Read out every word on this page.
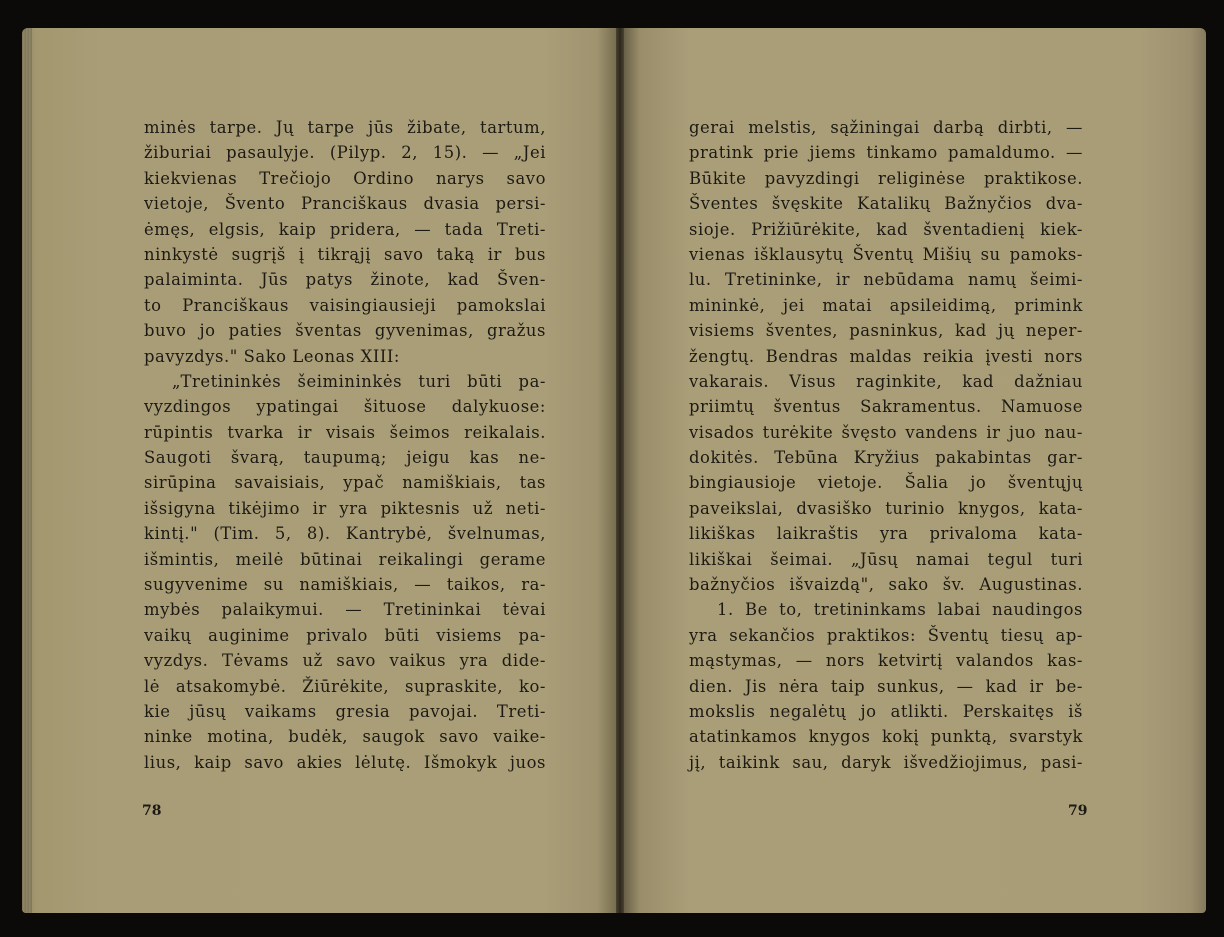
minės tarpe. Jų tarpe jūs žibate, tartum,
žiburiai pasaulyje. (Pilyp. 2, 15). — „Jei
kiekvienas Trečiojo Ordino narys savo
vietoje, Švento Pranciškaus dvasia persi-
ėmęs, elgsis, kaip pridera, — tada Treti-
ninkystė sugrįš į tikrąjį savo taką ir bus
palaiminta. Jūs patys žinote, kad Šven-
to Pranciškaus vaisingiausieji pamokslai
buvo jo paties šventas gyvenimas, gražus
pavyzdys." Sako Leonas XIII:
„Tretininkės šeimininkės turi būti pa-
vyzdingos ypatingai šituose dalykuose:
rūpintis tvarka ir visais šeimos reikalais.
Saugoti švarą, taupumą; jeigu kas ne-
sirūpina savaisiais, ypač namiškiais, tas
išsigyna tikėjimo ir yra piktesnis už neti-
kintį." (Tim. 5, 8). Kantrybė, švelnumas,
išmintis, meilė būtinai reikalingi gerame
sugyvenime su namiškiais, — taikos, ra-
mybės palaikymui. — Tretininkai tėvai
vaikų auginime privalo būti visiems pa-
vyzdys. Tėvams už savo vaikus yra dide-
lė atsakomybė. Žiūrėkite, supraskite, ko-
kie jūsų vaikams gresia pavojai. Treti-
ninke motina, budėk, saugok savo vaike-
lius, kaip savo akies lėlutę. Išmokyk juos
78
gerai melstis, sąžiningai darbą dirbti, —
pratink prie jiems tinkamo pamaldumo. —
Būkite pavyzdingi religinėse praktikose.
Šventes švęskite Katalikų Bažnyčios dva-
sioje. Prižiūrėkite, kad šventadienį kiek-
vienas išklausytų Šventų Mišių su pamoks-
lu. Tretininke, ir nebūdama namų šeimi-
mininkė, jei matai apsileidimą, primink
visiems šventes, pasninkus, kad jų neper-
žengtų. Bendras maldas reikia įvesti nors
vakarais. Visus raginkite, kad dažniau
priimtų šventus Sakramentus. Namuose
visados turėkite švęsto vandens ir juo nau-
dokitės. Tebūna Kryžius pakabintas gar-
bingiausioje vietoje. Šalia jo šventųjų
paveikslai, dvasiško turinio knygos, kata-
likiškas laikraštis yra privaloma kata-
likiškai šeimai. „Jūsų namai tegul turi
bažnyčios išvaizdą", sako šv. Augustinas.
1. Be to, tretininkams labai naudingos
yra sekančios praktikos: Šventų tiesų ap-
mąstymas, — nors ketvirtį valandos kas-
dien. Jis nėra taip sunkus, — kad ir be-
mokslis negalėtų jo atlikti. Perskaitęs iš
atatinkamos knygos kokį punktą, svarstyk
jį, taikink sau, daryk išvedžiojimus, pasi-
79
